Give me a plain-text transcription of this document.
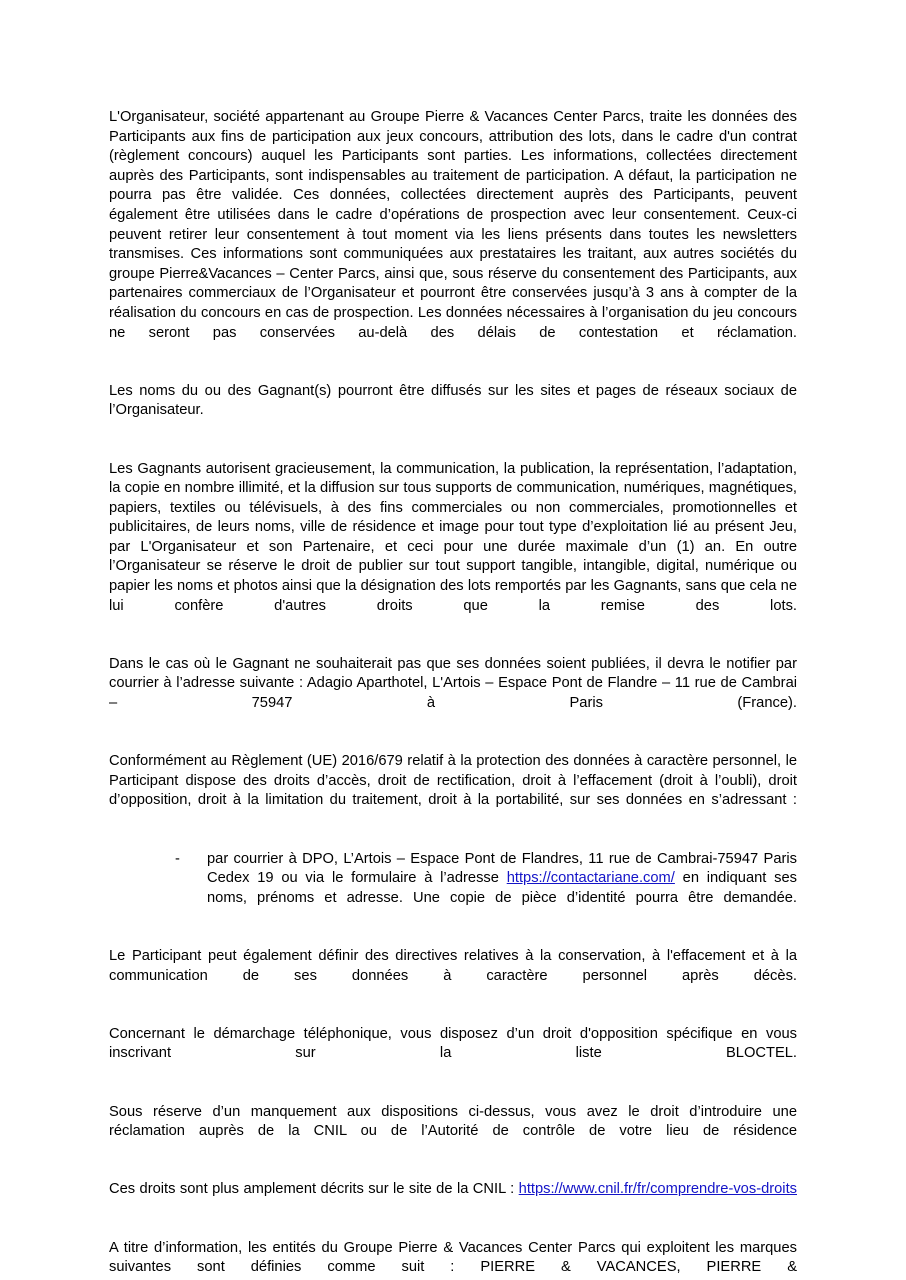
L'Organisateur, société appartenant au Groupe Pierre & Vacances Center Parcs, traite les données des Participants aux fins de participation aux jeux concours, attribution des lots, dans le cadre d'un contrat (règlement concours) auquel les Participants sont parties. Les informations, collectées directement auprès des Participants, sont indispensables au traitement de participation. A défaut, la participation ne pourra pas être validée. Ces données, collectées directement auprès des Participants, peuvent également être utilisées dans le cadre d’opérations de prospection avec leur consentement. Ceux-ci peuvent retirer leur consentement à tout moment via les liens présents dans toutes les newsletters transmises. Ces informations sont communiquées aux prestataires les traitant, aux autres sociétés du groupe Pierre&Vacances – Center Parcs, ainsi que, sous réserve du consentement des Participants, aux partenaires commerciaux de l’Organisateur et pourront être conservées jusqu’à 3 ans à compter de la réalisation du concours en cas de prospection. Les données nécessaires à l’organisation du jeu concours ne seront pas conservées au-delà des délais de contestation et réclamation.

Les noms du ou des Gagnant(s) pourront être diffusés sur les sites et pages de réseaux sociaux de l’Organisateur.

Les Gagnants autorisent gracieusement, la communication, la publication, la représentation, l’adaptation, la copie en nombre illimité, et la diffusion sur tous supports de communication, numériques, magnétiques, papiers, textiles ou télévisuels, à des fins commerciales ou non commerciales, promotionnelles et publicitaires, de leurs noms, ville de résidence et image pour tout type d’exploitation lié au présent Jeu, par L'Organisateur et son Partenaire, et ceci pour une durée maximale d’un (1) an. En outre l’Organisateur se réserve le droit de publier sur tout support tangible, intangible, digital, numérique ou papier les noms et photos ainsi que la désignation des lots remportés par les Gagnants, sans que cela ne lui confère d'autres droits que la remise des lots.

Dans le cas où le Gagnant ne souhaiterait pas que ses données soient publiées, il devra le notifier par courrier à l’adresse suivante : Adagio Aparthotel, L'Artois – Espace Pont de Flandre – 11 rue de Cambrai – 75947 à Paris (France).

Conformément au Règlement (UE) 2016/679 relatif à la protection des données à caractère personnel, le Participant dispose des droits d’accès, droit de rectification, droit à l’effacement (droit à l’oubli), droit d’opposition, droit à la limitation du traitement, droit à la portabilité, sur ses données en s’adressant :

- par courrier à DPO, L’Artois – Espace Pont de Flandres, 11 rue de Cambrai-75947 Paris Cedex 19 ou via le formulaire à l’adresse https://contactariane.com/ en indiquant ses noms, prénoms et adresse. Une copie de pièce d’identité pourra être demandée.

Le Participant peut également définir des directives relatives à la conservation, à l'effacement et à la communication de ses données à caractère personnel après décès.

Concernant le démarchage téléphonique, vous disposez d’un droit d'opposition spécifique en vous inscrivant sur la liste BLOCTEL.

Sous réserve d’un manquement aux dispositions ci-dessus, vous avez le droit d’introduire une réclamation auprès de la CNIL ou de l’Autorité de contrôle de votre lieu de résidence

Ces droits sont plus amplement décrits sur le site de la CNIL : https://www.cnil.fr/fr/comprendre-vos-droits

A titre d’information, les entités du Groupe Pierre & Vacances Center Parcs qui exploitent les marques suivantes sont définies comme suit : PIERRE & VACANCES, PIERRE &
